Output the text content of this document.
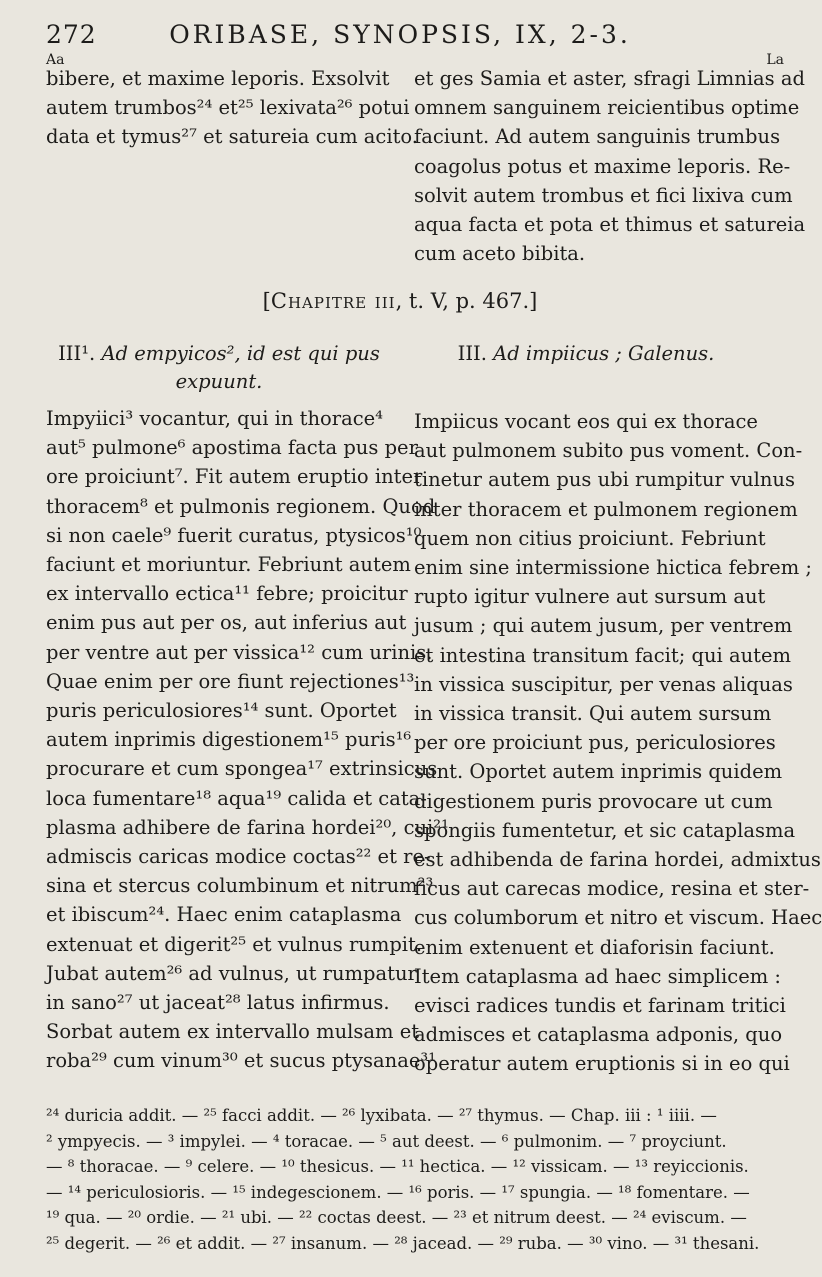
272	ORIBASE, SYNOPSIS, IX, 2-3.
Aa	La
bibere, et maxime leporis. Exsolvit
autem trumbos²⁴ et²⁵ lexivata²⁶ potui
data et tymus²⁷ et satureia cum acito.
et ges Samia et aster, sfragi Limnias ad
omnem sanguinem reicientibus optime
faciunt. Ad autem sanguinis trumbus
coagolus potus et maxime leporis. Re-
solvit autem trombus et fici lixiva cum
aqua facta et pota et thimus et satureia
cum aceto bibita.
[Chapitre iii, t. V, p. 467.]
III¹. Ad empyicos², id est qui pus
expuunt.
III. Ad impiicus ; Galenus.
Impyiici³ vocantur, qui in thorace⁴
aut⁵ pulmone⁶ apostima facta pus per
ore proiciunt⁷. Fit autem eruptio inter
thoracem⁸ et pulmonis regionem. Quod
si non caele⁹ fuerit curatus, ptysicos¹⁰
faciunt et moriuntur. Febriunt autem
ex intervallo ectica¹¹ febre; proicitur
enim pus aut per os, aut inferius aut
per ventre aut per vissica¹² cum urinis.
Quae enim per ore fiunt rejectiones¹³
puris periculosiores¹⁴ sunt. Oportet
autem inprimis digestionem¹⁵ puris¹⁶
procurare et cum spongea¹⁷ extrinsicus
loca fumentare¹⁸ aqua¹⁹ calida et cata-
plasma adhibere de farina hordei²⁰, cui²¹
admiscis caricas modice coctas²² et re-
sina et stercus columbinum et nitrum²³
et ibiscum²⁴. Haec enim cataplasma
extenuat et digerit²⁵ et vulnus rumpit.
Jubat autem²⁶ ad vulnus, ut rumpatur
in sano²⁷ ut jaceat²⁸ latus infirmus.
Sorbat autem ex intervallo mulsam et
roba²⁹ cum vinum³⁰ et sucus ptysanae³¹
Impiicus vocant eos qui ex thorace
aut pulmonem subito pus voment. Con-
tinetur autem pus ubi rumpitur vulnus
inter thoracem et pulmonem regionem
quem non citius proiciunt. Febriunt
enim sine intermissione hictica febrem ;
rupto igitur vulnere aut sursum aut
jusum ; qui autem jusum, per ventrem
et intestina transitum facit; qui autem
in vissica suscipitur, per venas aliquas
in vissica transit. Qui autem sursum
per ore proiciunt pus, periculosiores
sunt. Oportet autem inprimis quidem
digestionem puris provocare ut cum
spongiis fumentetur, et sic cataplasma
est adhibenda de farina hordei, admixtus
ficus aut carecas modice, resina et ster-
cus columborum et nitro et viscum. Haec
enim extenuent et diaforisin faciunt.
Item cataplasma ad haec simplicem :
evisci radices tundis et farinam tritici
admisces et cataplasma adponis, quo
operatur autem eruptionis si in eo qui
²⁴ duricia addit. — ²⁵ facci addit. — ²⁶ lyxibata. — ²⁷ thymus. — Chap. iii : ¹ iiii. —
² ympyecis. — ³ impylei. — ⁴ toracae. — ⁵ aut deest. — ⁶ pulmonim. — ⁷ proyciunt.
— ⁸ thoracae. — ⁹ celere. — ¹⁰ thesicus. — ¹¹ hectica. — ¹² vissicam. — ¹³ reyiccionis.
— ¹⁴ periculosioris. — ¹⁵ indegescionem. — ¹⁶ poris. — ¹⁷ spungia. — ¹⁸ fomentare. —
¹⁹ qua. — ²⁰ ordie. — ²¹ ubi. — ²² coctas deest. — ²³ et nitrum deest. — ²⁴ eviscum. —
²⁵ degerit. — ²⁶ et addit. — ²⁷ insanum. — ²⁸ jacead. — ²⁹ ruba. — ³⁰ vino. — ³¹ thesani.
